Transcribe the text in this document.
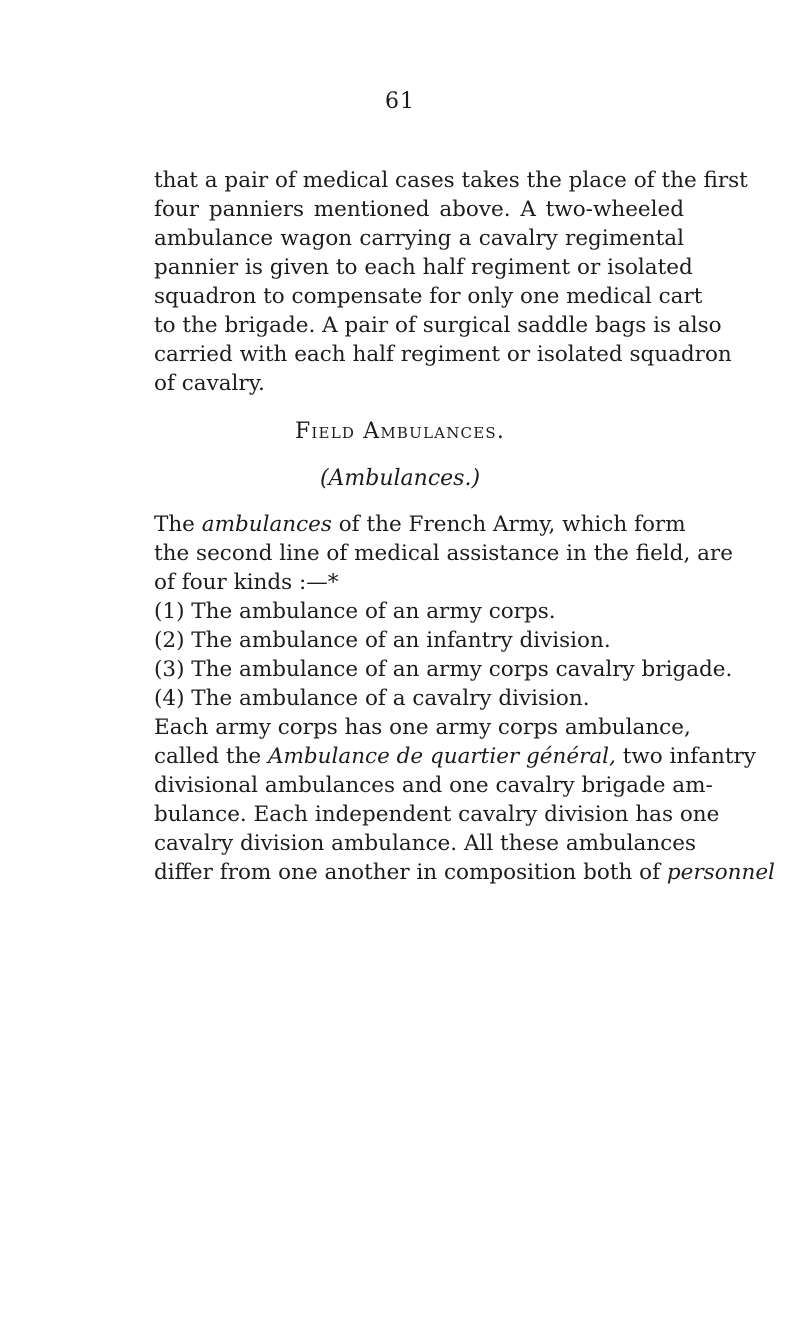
61
that a pair of medical cases takes the place of the first
four panniers mentioned above. A two-wheeled
ambulance wagon carrying a cavalry regimental
pannier is given to each half regiment or isolated
squadron to compensate for only one medical cart
to the brigade. A pair of surgical saddle bags is also
carried with each half regiment or isolated squadron
of cavalry.
Field Ambulances.
(Ambulances.)
The ambulances of the French Army, which form
the second line of medical assistance in the field, are
of four kinds :—*
(1) The ambulance of an army corps.
(2) The ambulance of an infantry division.
(3) The ambulance of an army corps cavalry brigade.
(4) The ambulance of a cavalry division.
Each army corps has one army corps ambulance,
called the Ambulance de quartier général, two infantry
divisional ambulances and one cavalry brigade am-
bulance. Each independent cavalry division has one
cavalry division ambulance. All these ambulances
differ from one another in composition both of personnel
